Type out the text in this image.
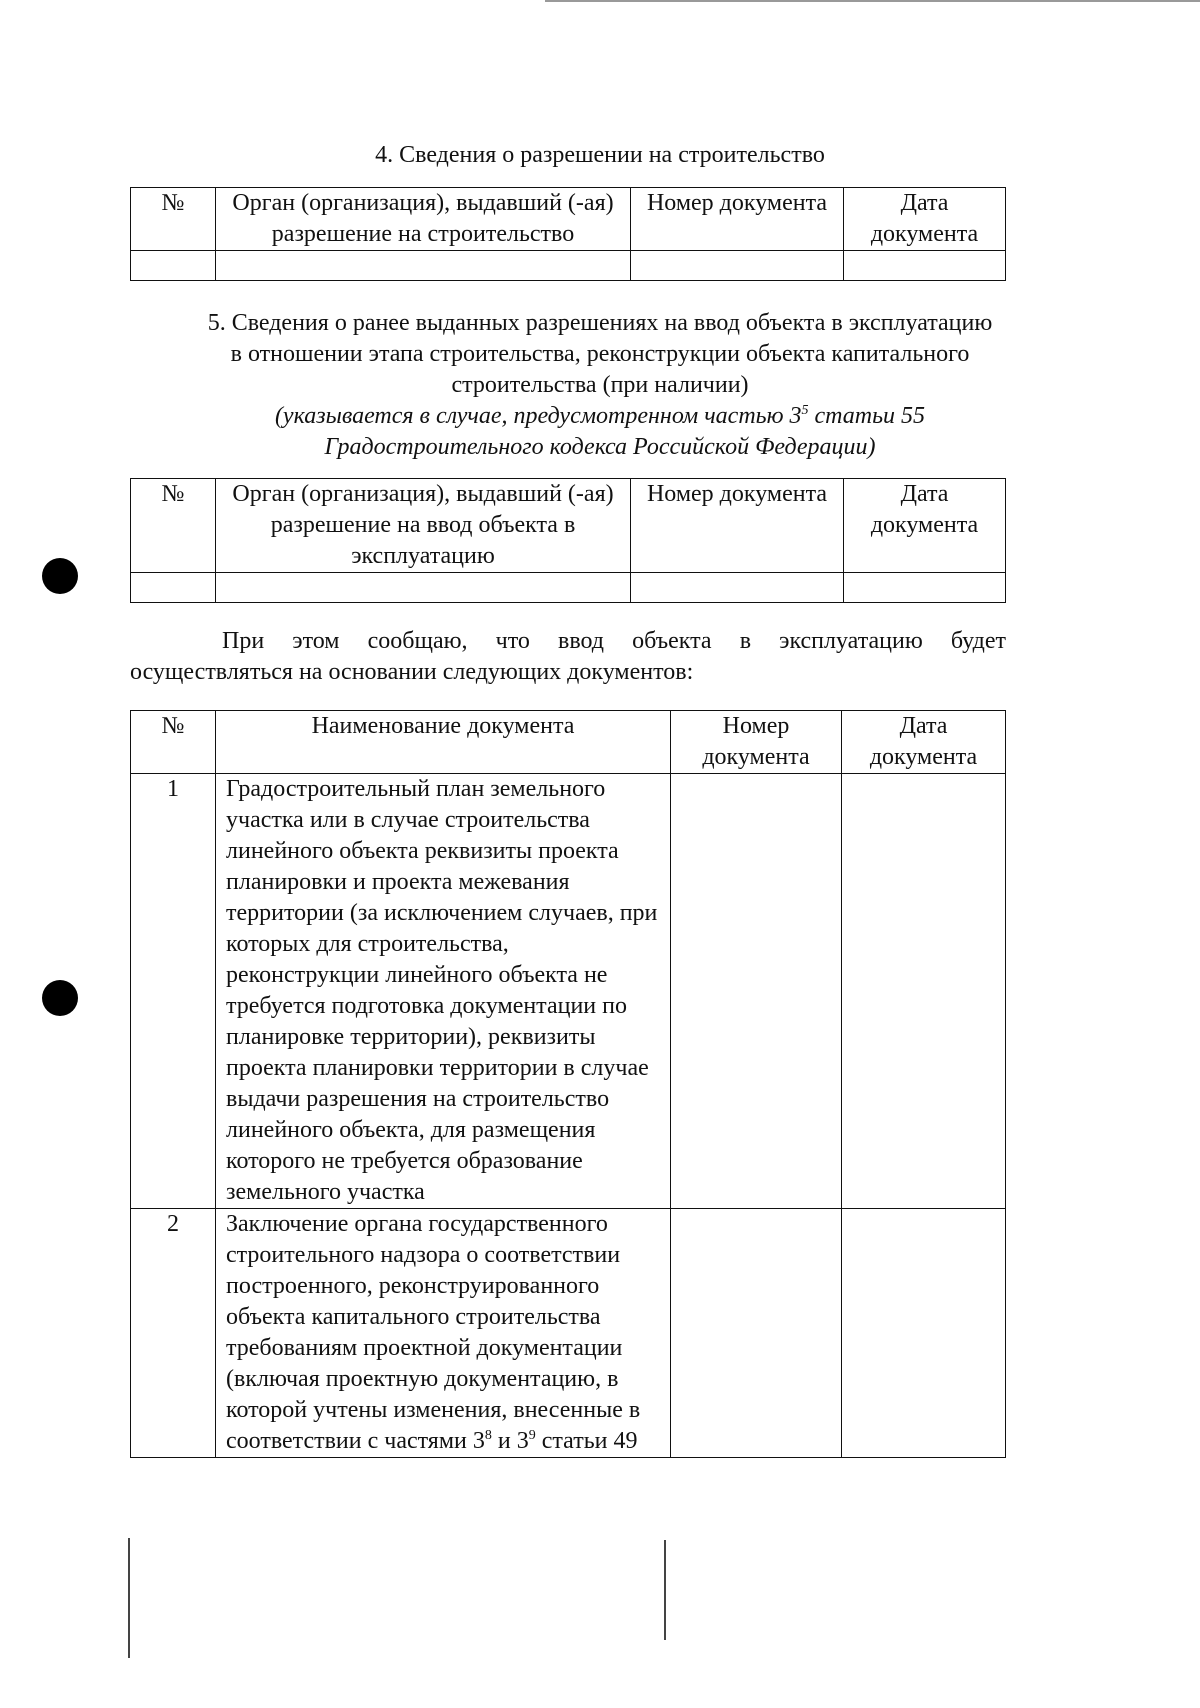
4. Сведения о разрешении на строительство
№	Орган (организация), выдавший (-ая) разрешение на строительство	Номер документа	Дата документа

5. Сведения о ранее выданных разрешениях на ввод объекта в эксплуатацию
в отношении этапа строительства, реконструкции объекта капитального
строительства (при наличии)
(указывается в случае, предусмотренном частью $3^5$ статьи 55
Градостроительного кодекса Российской Федерации)
№	Орган (организация), выдавший (-ая) разрешение на ввод объекта в эксплуатацию	Номер документа	Дата документа

При этом сообщаю, что ввод объекта в эксплуатацию будет
осуществляться на основании следующих документов:
№	Наименование документа	Номер документа	Дата документа
1	Градостроительный план земельного участка или в случае строительства линейного объекта реквизиты проекта планировки и проекта межевания территории (за исключением случаев, при которых для строительства, реконструкции линейного объекта не требуется подготовка документации по планировке территории), реквизиты проекта планировки территории в случае выдачи разрешения на строительство линейного объекта, для размещения которого не требуется образование земельного участка		
2	Заключение органа государственного строительного надзора о соответствии построенного, реконструированного объекта капитального строительства требованиям проектной документации (включая проектную документацию, в которой учтены изменения, внесенные в соответствии с частями $3^8$ и $3^9$ статьи 49		
